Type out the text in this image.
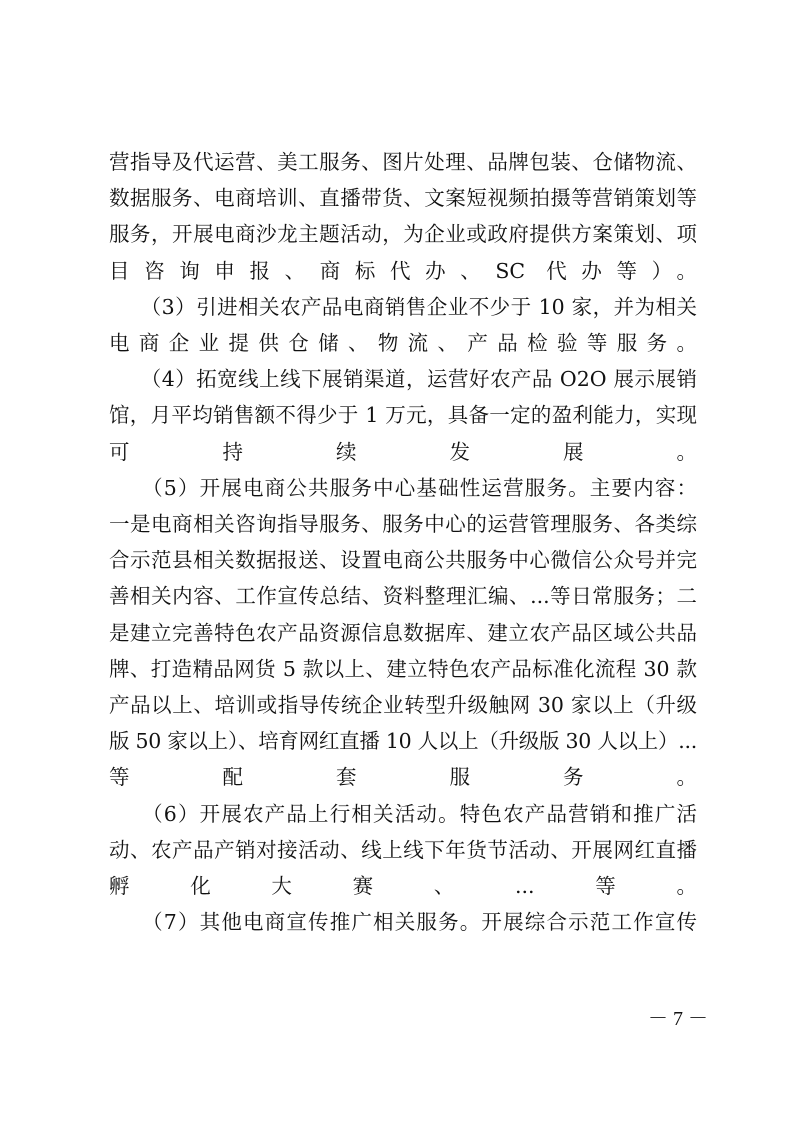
营指导及代运营、美工服务、图片处理、品牌包装、仓储物流、
数据服务、电商培训、直播带货、文案短视频拍摄等营销策划等
服务，开展电商沙龙主题活动，为企业或政府提供方案策划、项
目咨询申报、商标代办、SC 代办等）。

　　（3）引进相关农产品电商销售企业不少于 10 家，并为相关
电商企业提供仓储、物流、产品检验等服务。

　　（4）拓宽线上线下展销渠道，运营好农产品 O2O 展示展销
馆，月平均销售额不得少于 1 万元，具备一定的盈利能力，实现
可持续发展。

　　（5）开展电商公共服务中心基础性运营服务。主要内容：
一是电商相关咨询指导服务、服务中心的运营管理服务、各类综
合示范县相关数据报送、设置电商公共服务中心微信公众号并完
善相关内容、工作宣传总结、资料整理汇编、...等日常服务；二
是建立完善特色农产品资源信息数据库、建立农产品区域公共品
牌、打造精品网货 5 款以上、建立特色农产品标准化流程 30 款
产品以上、培训或指导传统企业转型升级触网 30 家以上（升级
版 50 家以上）、培育网红直播 10 人以上（升级版 30 人以上）...
等配套服务。

　　（6）开展农产品上行相关活动。特色农产品营销和推广活
动、农产品产销对接活动、线上线下年货节活动、开展网红直播
孵化大赛、...等。

　　（7）其他电商宣传推广相关服务。开展综合示范工作宣传

－ 7 －
